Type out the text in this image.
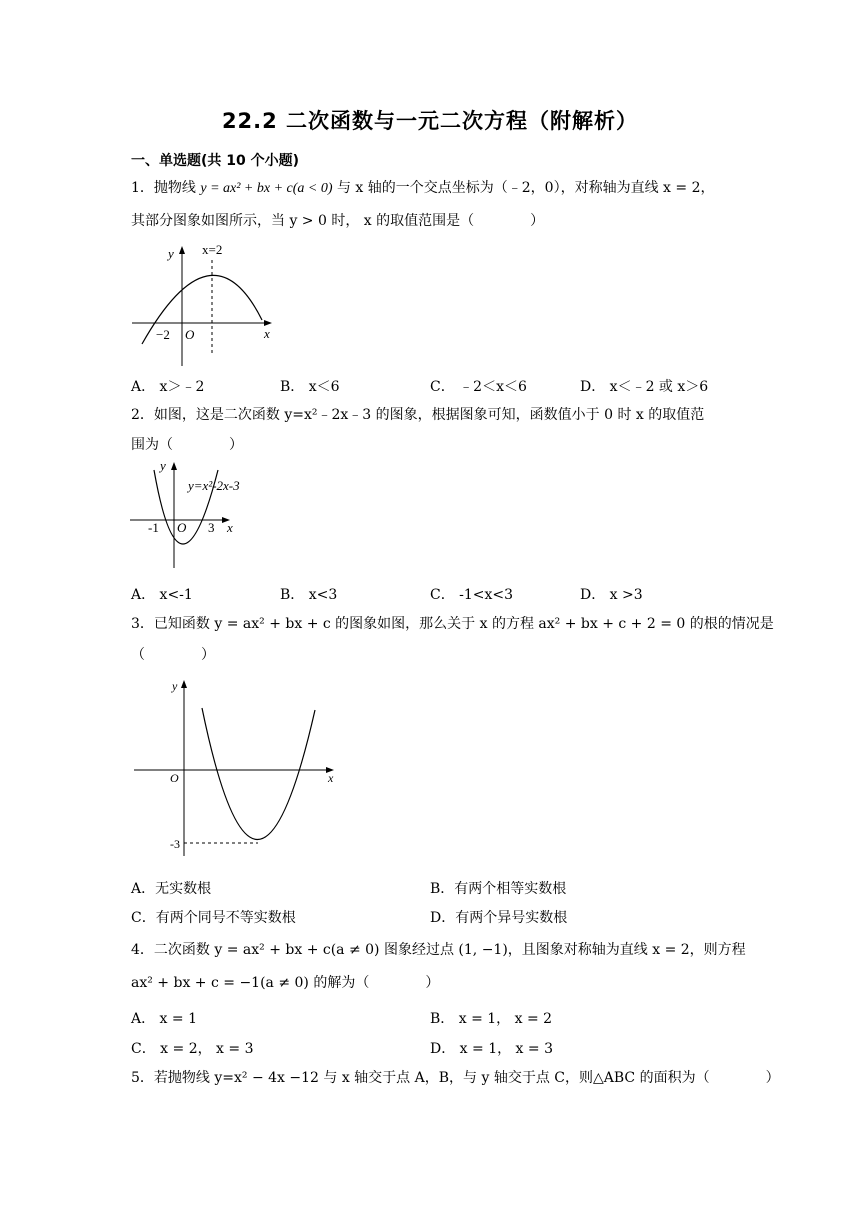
22.2 二次函数与一元二次方程（附解析）
一、单选题(共 10 个小题)
1．抛物线 y = ax² + bx + c(a < 0) 与 x 轴的一个交点坐标为（﹣2，0），对称轴为直线 x = 2，
其部分图象如图所示，当 y > 0 时， x 的取值范围是（　　　　）
y
x
x=2
−2 O
A． x＞﹣2	B． x＜6	C． ﹣2＜x＜6	D． x＜﹣2 或 x＞6
2．如图，这是二次函数 y=x²﹣2x﹣3 的图象，根据图象可知，函数值小于 0 时 x 的取值范
围为（　　　　）
y
y=x²-2x-3
x
-1 O 3
A． x<-1	B． x<3	C． -1<x<3	D． x >3
3．已知函数 y = ax² + bx + c 的图象如图，那么关于 x 的方程 ax² + bx + c + 2 = 0 的根的情况是
（　　　　）
y
x
O
-3
A．无实数根	B．有两个相等实数根
C．有两个同号不等实数根	D．有两个异号实数根
4．二次函数 y = ax² + bx + c(a ≠ 0) 图象经过点 (1, −1)，且图象对称轴为直线 x = 2，则方程
ax² + bx + c = −1(a ≠ 0) 的解为（　　　　）
A． x = 1	B． x = 1， x = 2
C． x = 2， x = 3	D． x = 1， x = 3
5．若抛物线 y=x² − 4x −12 与 x 轴交于点 A，B，与 y 轴交于点 C，则△ABC 的面积为（　　　　）
